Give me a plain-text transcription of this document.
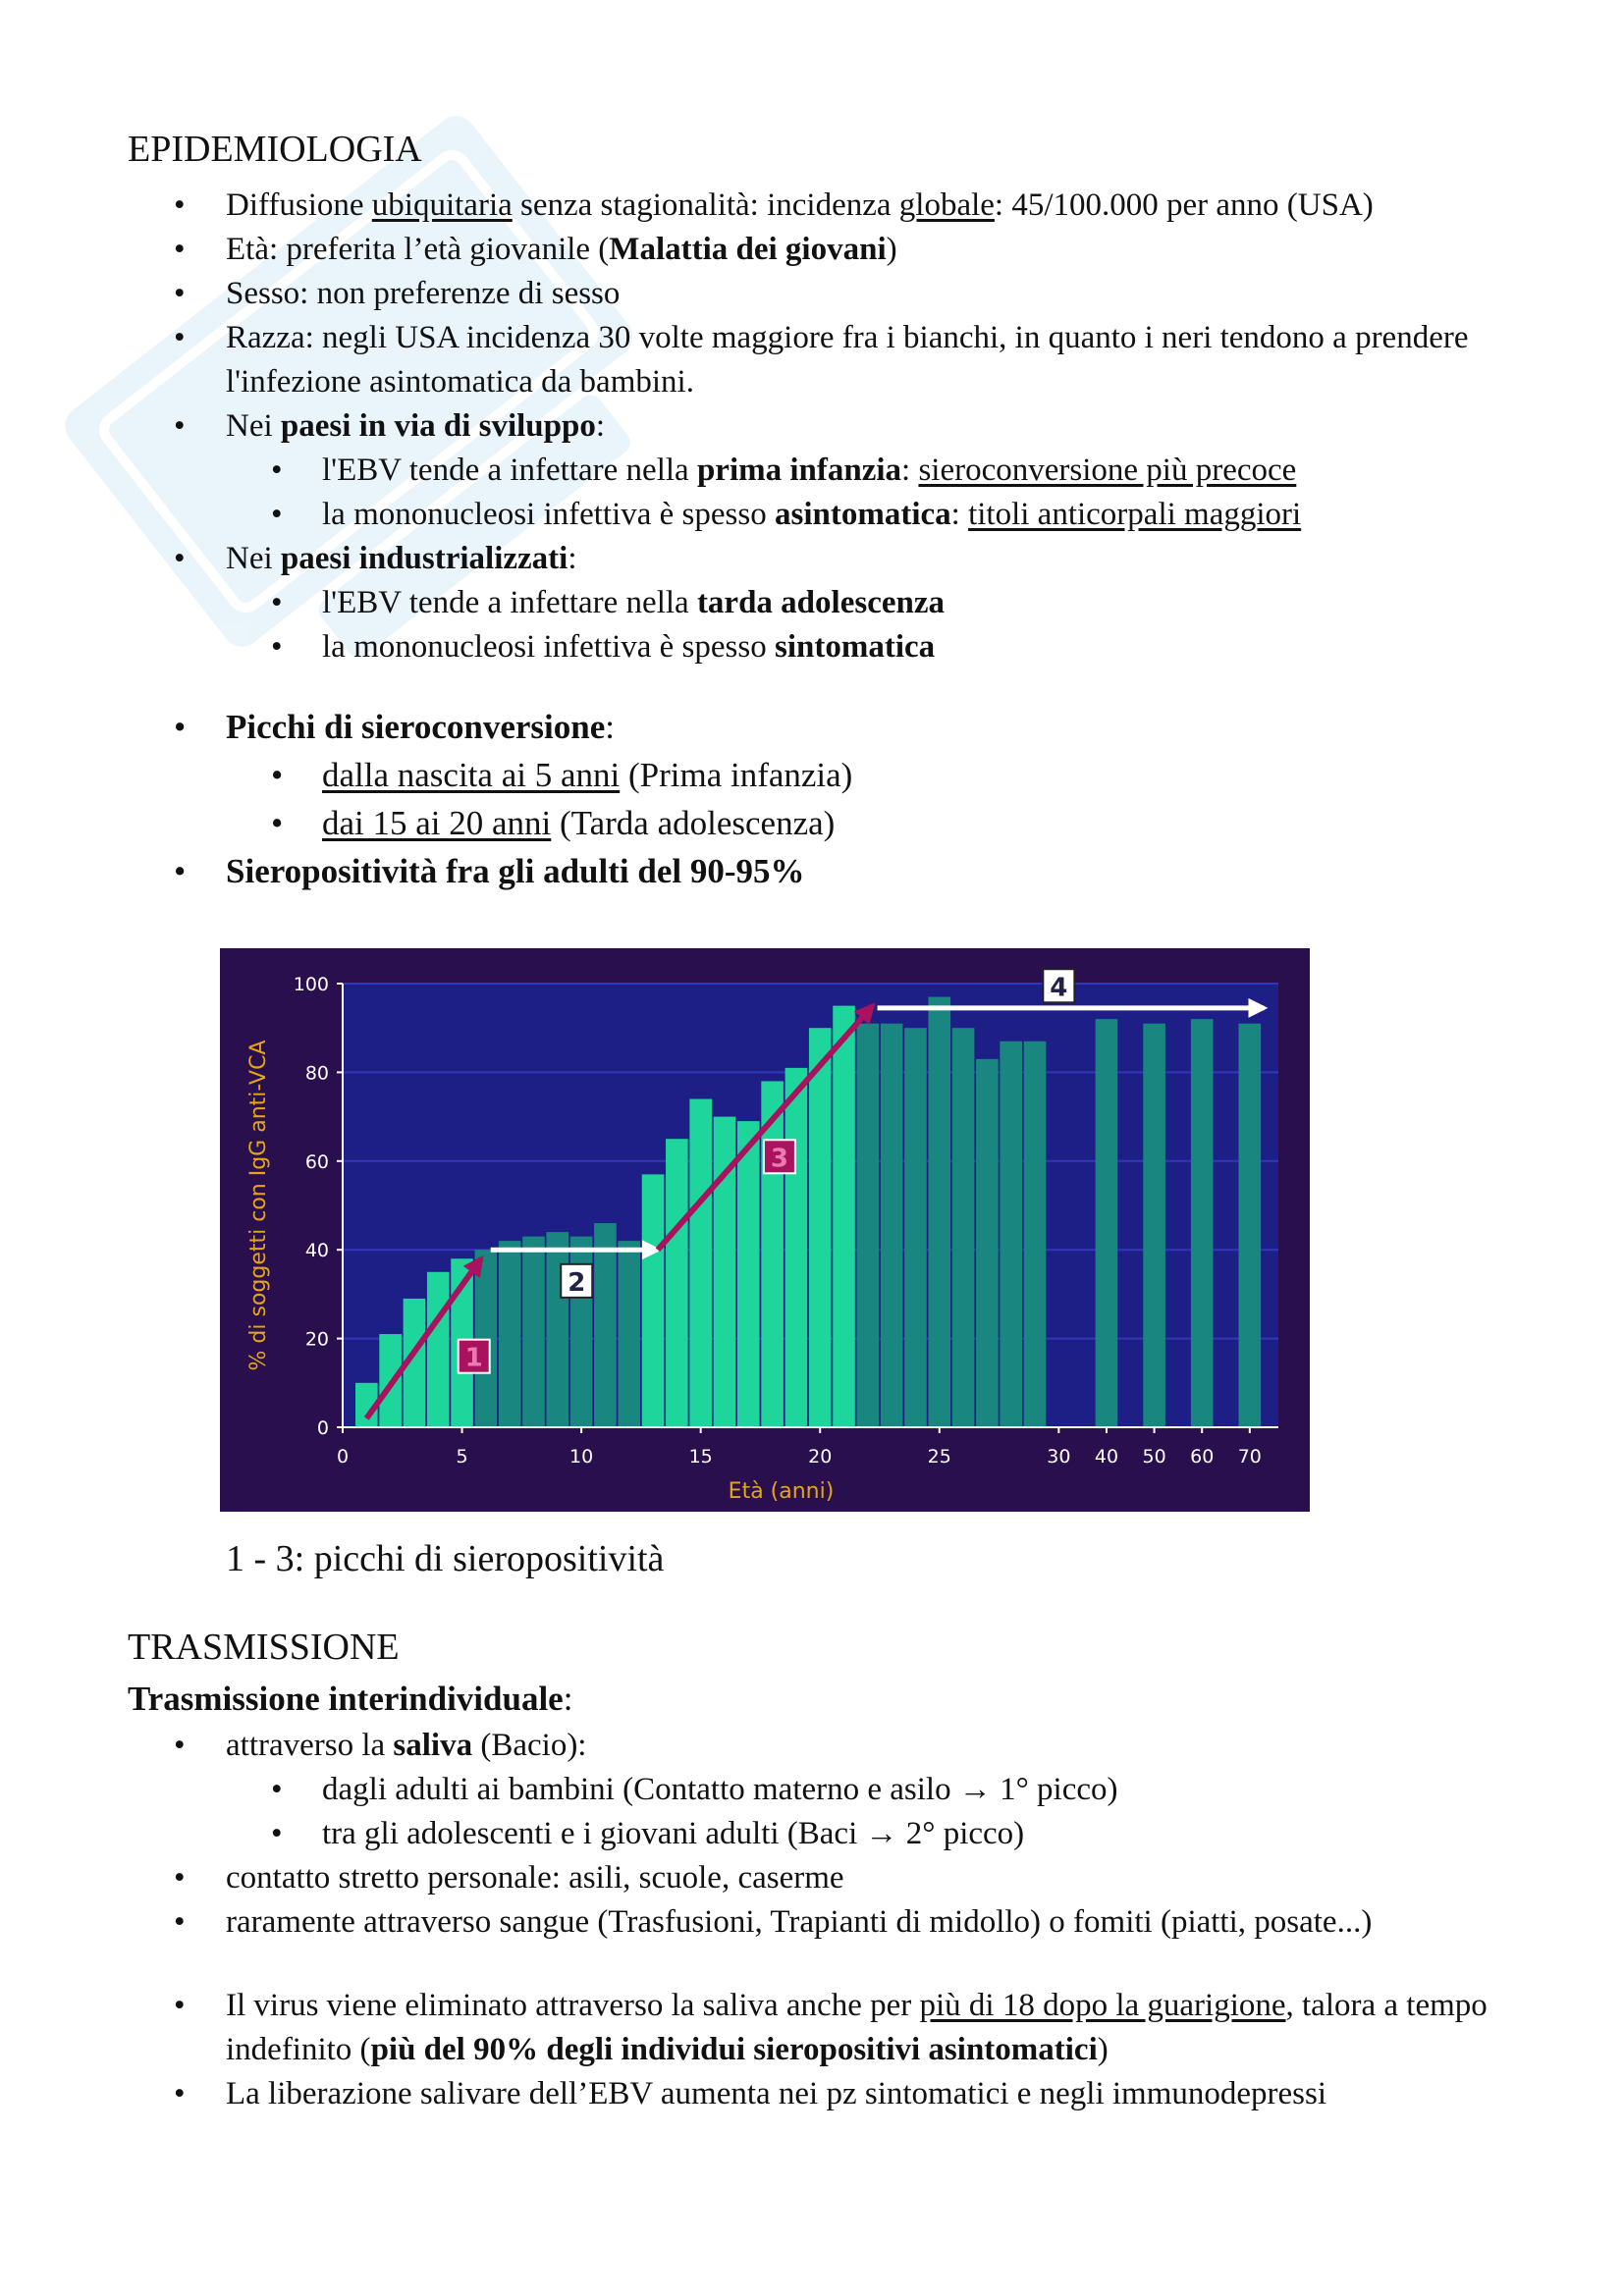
EPIDEMIOLOGIA
• Diffusione ubiquitaria senza stagionalità: incidenza globale: 45/100.000 per anno (USA)
• Età: preferita l’età giovanile (Malattia dei giovani)
• Sesso: non preferenze di sesso
• Razza: negli USA incidenza 30 volte maggiore fra i bianchi, in quanto i neri tendono a prendere l'infezione asintomatica da bambini.
• Nei paesi in via di sviluppo:
• l'EBV tende a infettare nella prima infanzia: sieroconversione più precoce
• la mononucleosi infettiva è spesso asintomatica: titoli anticorpali maggiori
• Nei paesi industrializzati:
• l'EBV tende a infettare nella tarda adolescenza
• la mononucleosi infettiva è spesso sintomatica
• Picchi di sieroconversione:
• dalla nascita ai 5 anni (Prima infanzia)
• dai 15 ai 20 anni (Tarda adolescenza)
• Sieropositività fra gli adulti del 90-95%
0
20
40
60
80
100
0	5	10	15	20	25	30 40 50 60 70
Età (anni)
% di soggetti con IgG anti-VCA	1
2
3
4
1 - 3: picchi di sieropositività
TRASMISSIONE
Trasmissione interindividuale:
• attraverso la saliva (Bacio):
• dagli adulti ai bambini (Contatto materno e asilo → 1° picco)
• tra gli adolescenti e i giovani adulti (Baci → 2° picco)
• contatto stretto personale: asili, scuole, caserme
• raramente attraverso sangue (Trasfusioni, Trapianti di midollo) o fomiti (piatti, posate...)
• Il virus viene eliminato attraverso la saliva anche per più di 18 dopo la guarigione, talora a tempo indefinito (più del 90% degli individui sieropositivi asintomatici)
• La liberazione salivare dell’EBV aumenta nei pz sintomatici e negli immunodepressi
